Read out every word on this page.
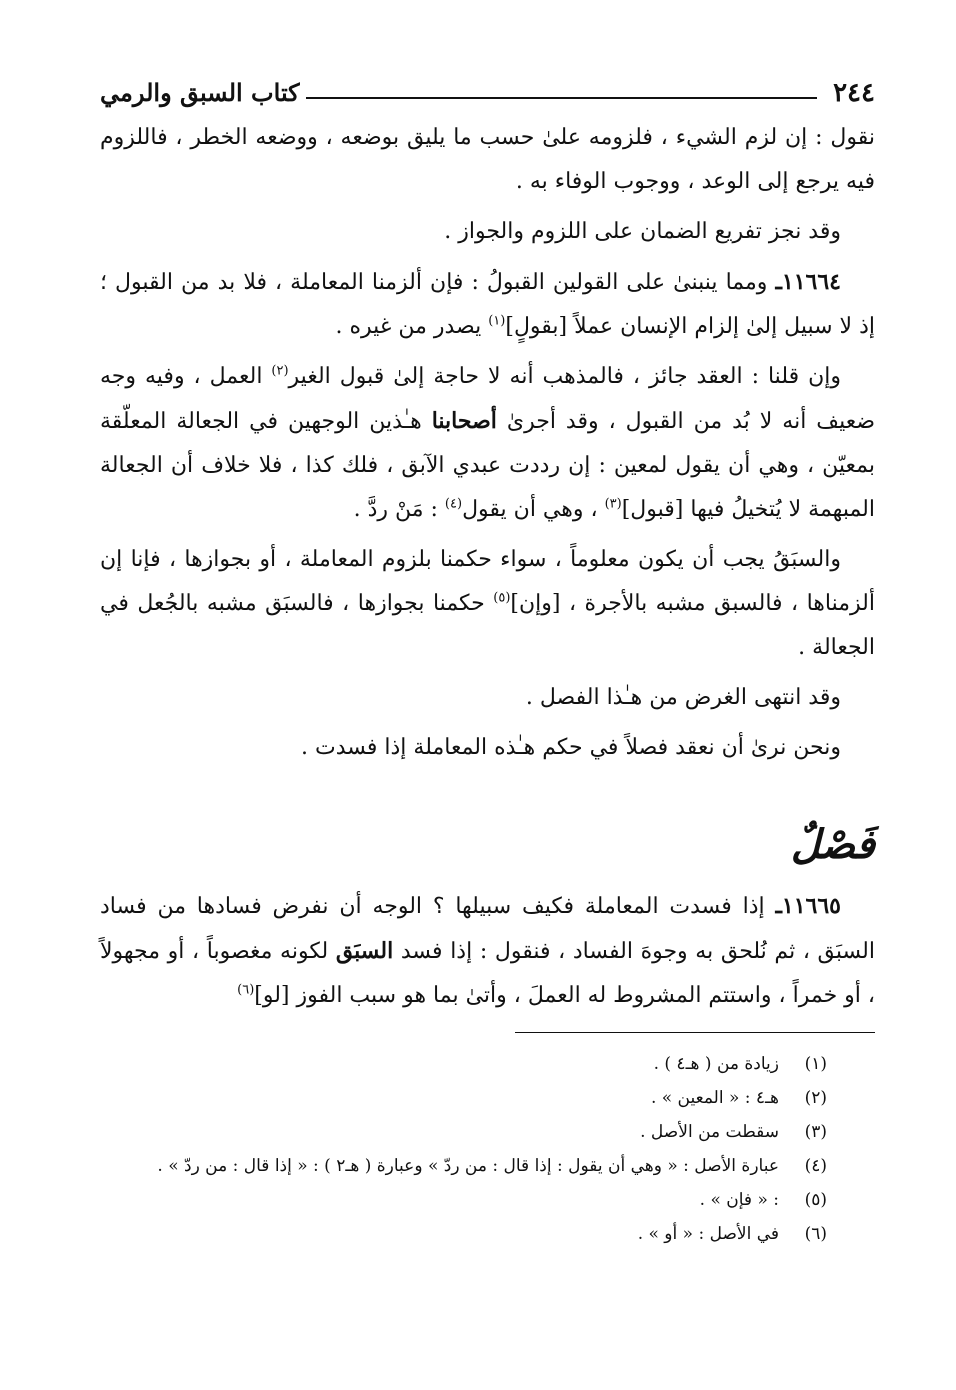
٢٤٤
كتاب السبق والرمي

نقول : إن لزم الشيء ، فلزومه علىٰ حسب ما يليق بوضعه ، ووضعه الخطر ، فاللزوم فيه يرجع إلى الوعد ، ووجوب الوفاء به .

وقد نجز تفريع الضمان على اللزوم والجواز .

١١٦٦٤ـ ومما ينبنىٰ على القولين القبولُ : فإن ألزمنا المعاملة ، فلا بد من القبول ؛ إذ لا سبيل إلىٰ إلزام الإنسان عملاً [بقولٍ]$^{(١)}$ يصدر من غيره .

وإن قلنا : العقد جائز ، فالمذهب أنه لا حاجة إلىٰ قبول الغير$^{(٢)}$ العمل ، وفيه وجه ضعيف أنه لا بُد من القبول ، وقد أجرىٰ أصحابنا هـٰذين الوجهين في الجعالة المعلّقة بمعيّن ، وهي أن يقول لمعين : إن رددت عبدي الآبق ، فلك كذا ، فلا خلاف أن الجعالة المبهمة لا يُتخيلُ فيها [قبول]$^{(٣)}$ ، وهي أن يقول$^{(٤)}$ : مَنْ ردَّ .

والسبَقُ يجب أن يكون معلوماً ، سواء حكمنا بلزوم المعاملة ، أو بجوازها ، فإنا إن ألزمناها ، فالسبق مشبه بالأجرة ، [وإن]$^{(٥)}$ حكمنا بجوازها ، فالسبَق مشبه بالجُعل في الجعالة .

وقد انتهى الغرض من هـٰذا الفصل .

ونحن نرىٰ أن نعقد فصلاً في حكم هـٰذه المعاملة إذا فسدت .

فَصْلٌ

١١٦٦٥ـ إذا فسدت المعاملة فكيف سبيلها ؟ الوجه أن نفرض فسادها من فساد السبَق ، ثم نُلحق به وجوهَ الفساد ، فنقول : إذا فسد السبَق لكونه مغصوباً ، أو مجهولاً ، أو خمراً ، واستتم المشروط له العملَ ، وأتىٰ بما هو سبب الفوز [لو]$^{(٦)}$

(١)
زيادة من ( هـ٤ ) .
(٢)
هـ٤ : « المعين » .
(٣)
سقطت من الأصل .
(٤)
عبارة الأصل : « وهي أن يقول : إذا قال : من ردّ » وعبارة ( هـ٢ ) : « إذا قال : من ردّ » .
(٥)
: « فإن » .
(٦)
في الأصل : « أو » .
